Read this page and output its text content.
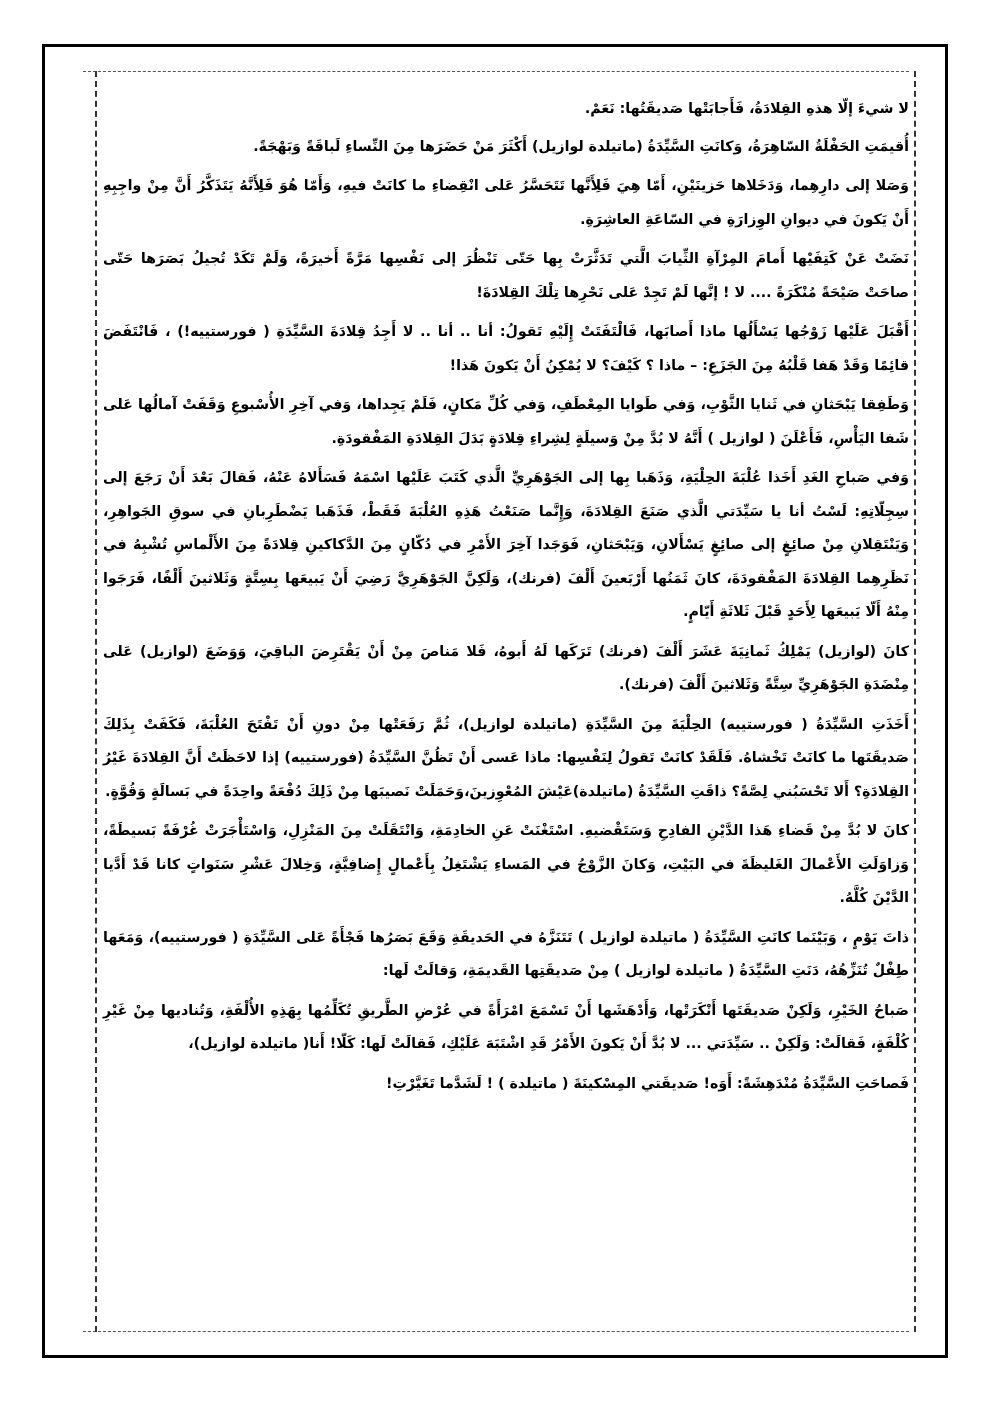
لا شيءَ إلّا هذهِ القِلادَةُ، فَأَجابَتْها صَديقَتُها: نَعَمْ.

أُقيمَتِ الحَفْلَةُ السّاهِرَةُ، وَكانَتِ السَّيِّدَةُ (ماتيلدة لوازيل) أَكْثَرَ مَنْ حَضَرَها مِنَ النِّساءِ لَباقَةً وَبَهْجَةً.

وَصَلا إلى دارِهِما، وَدَخَلاها حَزينَيْنِ، أَمّا هِيَ فَلِأَنَّها تَتَحَسَّرُ عَلى انْقِضاءِ ما كانَتْ فيهِ، وَأَمّا هُوَ فَلِأَنَّهُ يَتَذَكَّرُ أَنَّ مِنْ واجِبِهِ أَنْ يَكونَ في ديوانِ الوِزارَةِ في السّاعَةِ العاشِرَةِ.

نَضَتْ عَنْ كَتِفَيْها أَمامَ المِرْآةِ الثِّيابَ الَّتي تَدَثَّرَتْ بِها حَتّى تَنْظُرَ إلى نَفْسِها مَرَّةً أَخيرَةً، وَلَمْ تَكَدْ تُجيلُ بَصَرَها حَتّى صاحَتْ صَيْحَةً مُنْكَرَةً .... لا ! إنَّها لَمْ تَجِدْ عَلى نَحْرِها تِلْكَ القِلادَةَ!

أَقْبَلَ عَلَيْها زَوْجُها يَسْأَلُها ماذا أَصابَها، فَالْتَفَتَتْ إِلَيْهِ تَقولُ: أنا .. أنا .. لا أَجِدُ قِلادَةَ السَّيِّدَةِ ( فورستييه!) ، فَانْتَفَضَ قائِمًا وَقَدْ هَفا قَلْبُهُ مِنَ الجَزَعِ: – ماذا ؟ كَيْفَ؟ لا يُمْكِنُ أَنْ يَكونَ هَذا!

وَطَفِقا يَبْحَثانِ في ثَنايا الثَّوْبِ، وَفي طَوايا المِعْطَفِ، وَفي كُلِّ مَكانٍ، فَلَمْ يَجِداها، وَفي آخِرِ الأُسْبوعِ وَقَفَتْ آمالُها عَلى شَفا اليَأْسِ، فَأَعْلَنَ ( لوازيل ) أَنَّهُ لا بُدَّ مِنْ وَسيلَةٍ لِشِراءِ قِلادَةٍ بَدَلَ القِلادَةِ المَفْقودَةِ.

وَفي صَباحِ الغَدِ أَخَذا عُلْبَةَ الحِلْيَةِ، وَذَهَبا بِها إلى الجَوْهَرِيِّ الَّذي كَتَبَ عَلَيْها اسْمَهُ فَسَأَلاهُ عَنْهُ، فَقالَ بَعْدَ أَنْ رَجَعَ إلى سِجِلّاتِهِ: لَسْتُ أنا يا سَيِّدَتي الَّذي صَنَعَ القِلادَةَ، وَإِنَّما صَنَعْتُ هَذِهِ العُلْبَةَ فَقَطْ، فَذَهَبا يَضْطَرِبانِ في سوقِ الجَواهِرِ، وَيَنْتَقِلانِ مِنْ صائِغٍ إلى صائِغٍ يَسْأَلانِ، وَيَبْحَثانِ، فَوَجَدا آخِرَ الأَمْرِ في دُكّانٍ مِنَ الدَّكاكينِ قِلادَةً مِنَ الأَلْماسِ تُشْبِهُ في نَظَرِهِما القِلادَةَ المَفْقودَةَ، كانَ ثَمَنُها أَرْبَعينَ أَلْفَ (فرنك)، وَلَكِنَّ الجَوْهَرِيَّ رَضِيَ أَنْ يَبيعَها بِسِتَّةٍ وَثَلاثينَ أَلْفًا، فَرَجَوا مِنْهُ أَلّا يَبيعَها لِأَحَدٍ قَبْلَ ثَلاثَةِ أَيّامٍ.

كانَ (لوازيل) يَمْلِكُ ثَمانِيَةَ عَشَرَ أَلْفَ (فرنك) تَرَكَها لَهُ أَبوهُ، فَلا مَناصَ مِنْ أَنْ يَقْتَرِضَ الباقِيَ، وَوَضَعَ (لوازيل) عَلى مِنْضَدَةِ الجَوْهَرِيِّ سِتَّةً وَثَلاثينَ أَلْفَ (فرنك).

أَخَذَتِ السَّيِّدَةُ ( فورستييه) الحِلْيَةَ مِنَ السَّيِّدَةِ (ماتيلدة لوازيل)، ثُمَّ رَفَعَتْها مِنْ دونِ أَنْ تَفْتَحَ العُلْبَةَ، فَكَفَتْ بِذَلِكَ صَديقَتَها ما كانَتْ تَخْشاهُ. فَلَقَدْ كانَتْ تَقولُ لِنَفْسِها: ماذا عَسى أَنْ تَظُنَّ السَّيِّدَةُ (فورستييه) إذا لاحَظَتْ أَنَّ القِلادَةَ غَيْرُ القِلادَةِ؟ أَلا تَحْسَبُني لِصَّةً؟ ذاقَتِ السَّيِّدَةُ (ماتيلدة)عَيْشَ المُعْوِزينَ،وَحَمَلَتْ نَصيبَها مِنْ ذَلِكَ دُفْعَةً واحِدَةً في بَسالَةٍ وَقُوَّةٍ.

كانَ لا بُدَّ مِنْ قَضاءِ هَذا الدَّيْنِ الفادِحِ وَسَتَقْضيهِ. اسْتَغْنَتْ عَنِ الخادِمَةِ، وَانْتَقَلَتْ مِنَ المَنْزِلِ، وَاسْتَأْجَرَتْ غُرْفَةً بَسيطَةً، وَزاوَلَتِ الأَعْمالَ الغَليظَةَ في البَيْتِ، وَكانَ الزَّوْجُ في المَساءِ يَشْتَغِلُ بِأَعْمالٍ إِضافِيَّةٍ، وَخِلالَ عَشْرِ سَنَواتٍ كانا قَدْ أَدَّيا الدَّيْنَ كُلَّهُ.

ذاتَ يَوْمٍ ، وَبَيْنَما كانَتِ السَّيِّدَةُ ( ماتيلدة لوازيل ) تَتَنَزَّهُ في الحَديقَةِ وَقَعَ بَصَرُها فَجْأَةً عَلى السَّيِّدَةِ ( فورستييه)، وَمَعَها طِفْلٌ تُنَزِّهُهُ، دَنَتِ السَّيِّدَةُ ( ماتيلدة لوازيل ) مِنْ صَديقَتِها القَديمَةِ، وَقالَتْ لَها:

صَباحُ الخَيْرِ، وَلَكِنْ صَديقَتَها أَنْكَرَتْها، وَأَدْهَشَها أَنْ تَسْمَعَ امْرَأَةً في عُرْضِ الطَّريقِ تُكَلِّمُها بِهَذِهِ الأُلْفَةِ، وَتُناديها مِنْ غَيْرِ كُلْفَةٍ، فَقالَتْ: وَلَكِنْ .. سَيِّدَتي ... لا بُدَّ أَنْ يَكونَ الأَمْرُ قَدِ اشْتَبَهَ عَلَيْكِ، فَقالَتْ لَها: كَلّا! أَنا( ماتيلدة لوازيل)،

فَصاحَتِ السَّيِّدَةُ مُنْدَهِشَةً: أَوَه! صَديقَتي المِسْكينَةَ ( ماتيلدة ) ! لَشَدَّما تَغَيَّرْتِ!
